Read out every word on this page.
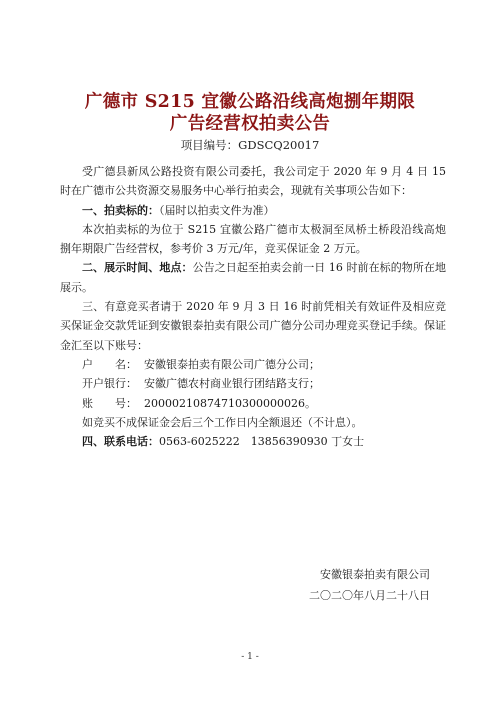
广德市 S215 宜徽公路沿线高炮捌年期限
广告经营权拍卖公告
项目编号：GDSCQ20017

受广德县新凤公路投资有限公司委托，我公司定于 2020 年 9 月 4 日 15 时在广德市公共资源交易服务中心举行拍卖会，现就有关事项公告如下：

一、拍卖标的：（届时以拍卖文件为准）

本次拍卖标的为位于 S215 宜徽公路广德市太极洞至凤桥土桥段沿线高炮捌年期限广告经营权，参考价 3 万元/年，竞买保证金 2 万元。

二、展示时间、地点：公告之日起至拍卖会前一日 16 时前在标的物所在地展示。

三、有意竞买者请于 2020 年 9 月 3 日 16 时前凭相关有效证件及相应竞买保证金交款凭证到安徽银泰拍卖有限公司广德分公司办理竞买登记手续。保证金汇至以下账号：

户　　名： 安徽银泰拍卖有限公司广德分公司；

开户银行： 安徽广德农村商业银行团结路支行；

账　　号： 20000210874710300000026。

如竞买不成保证金会后三个工作日内全额退还（不计息）。

四、联系电话：0563-6025222　13856390930 丁女士

安徽银泰拍卖有限公司
二〇二〇年八月二十八日
- 1 -
